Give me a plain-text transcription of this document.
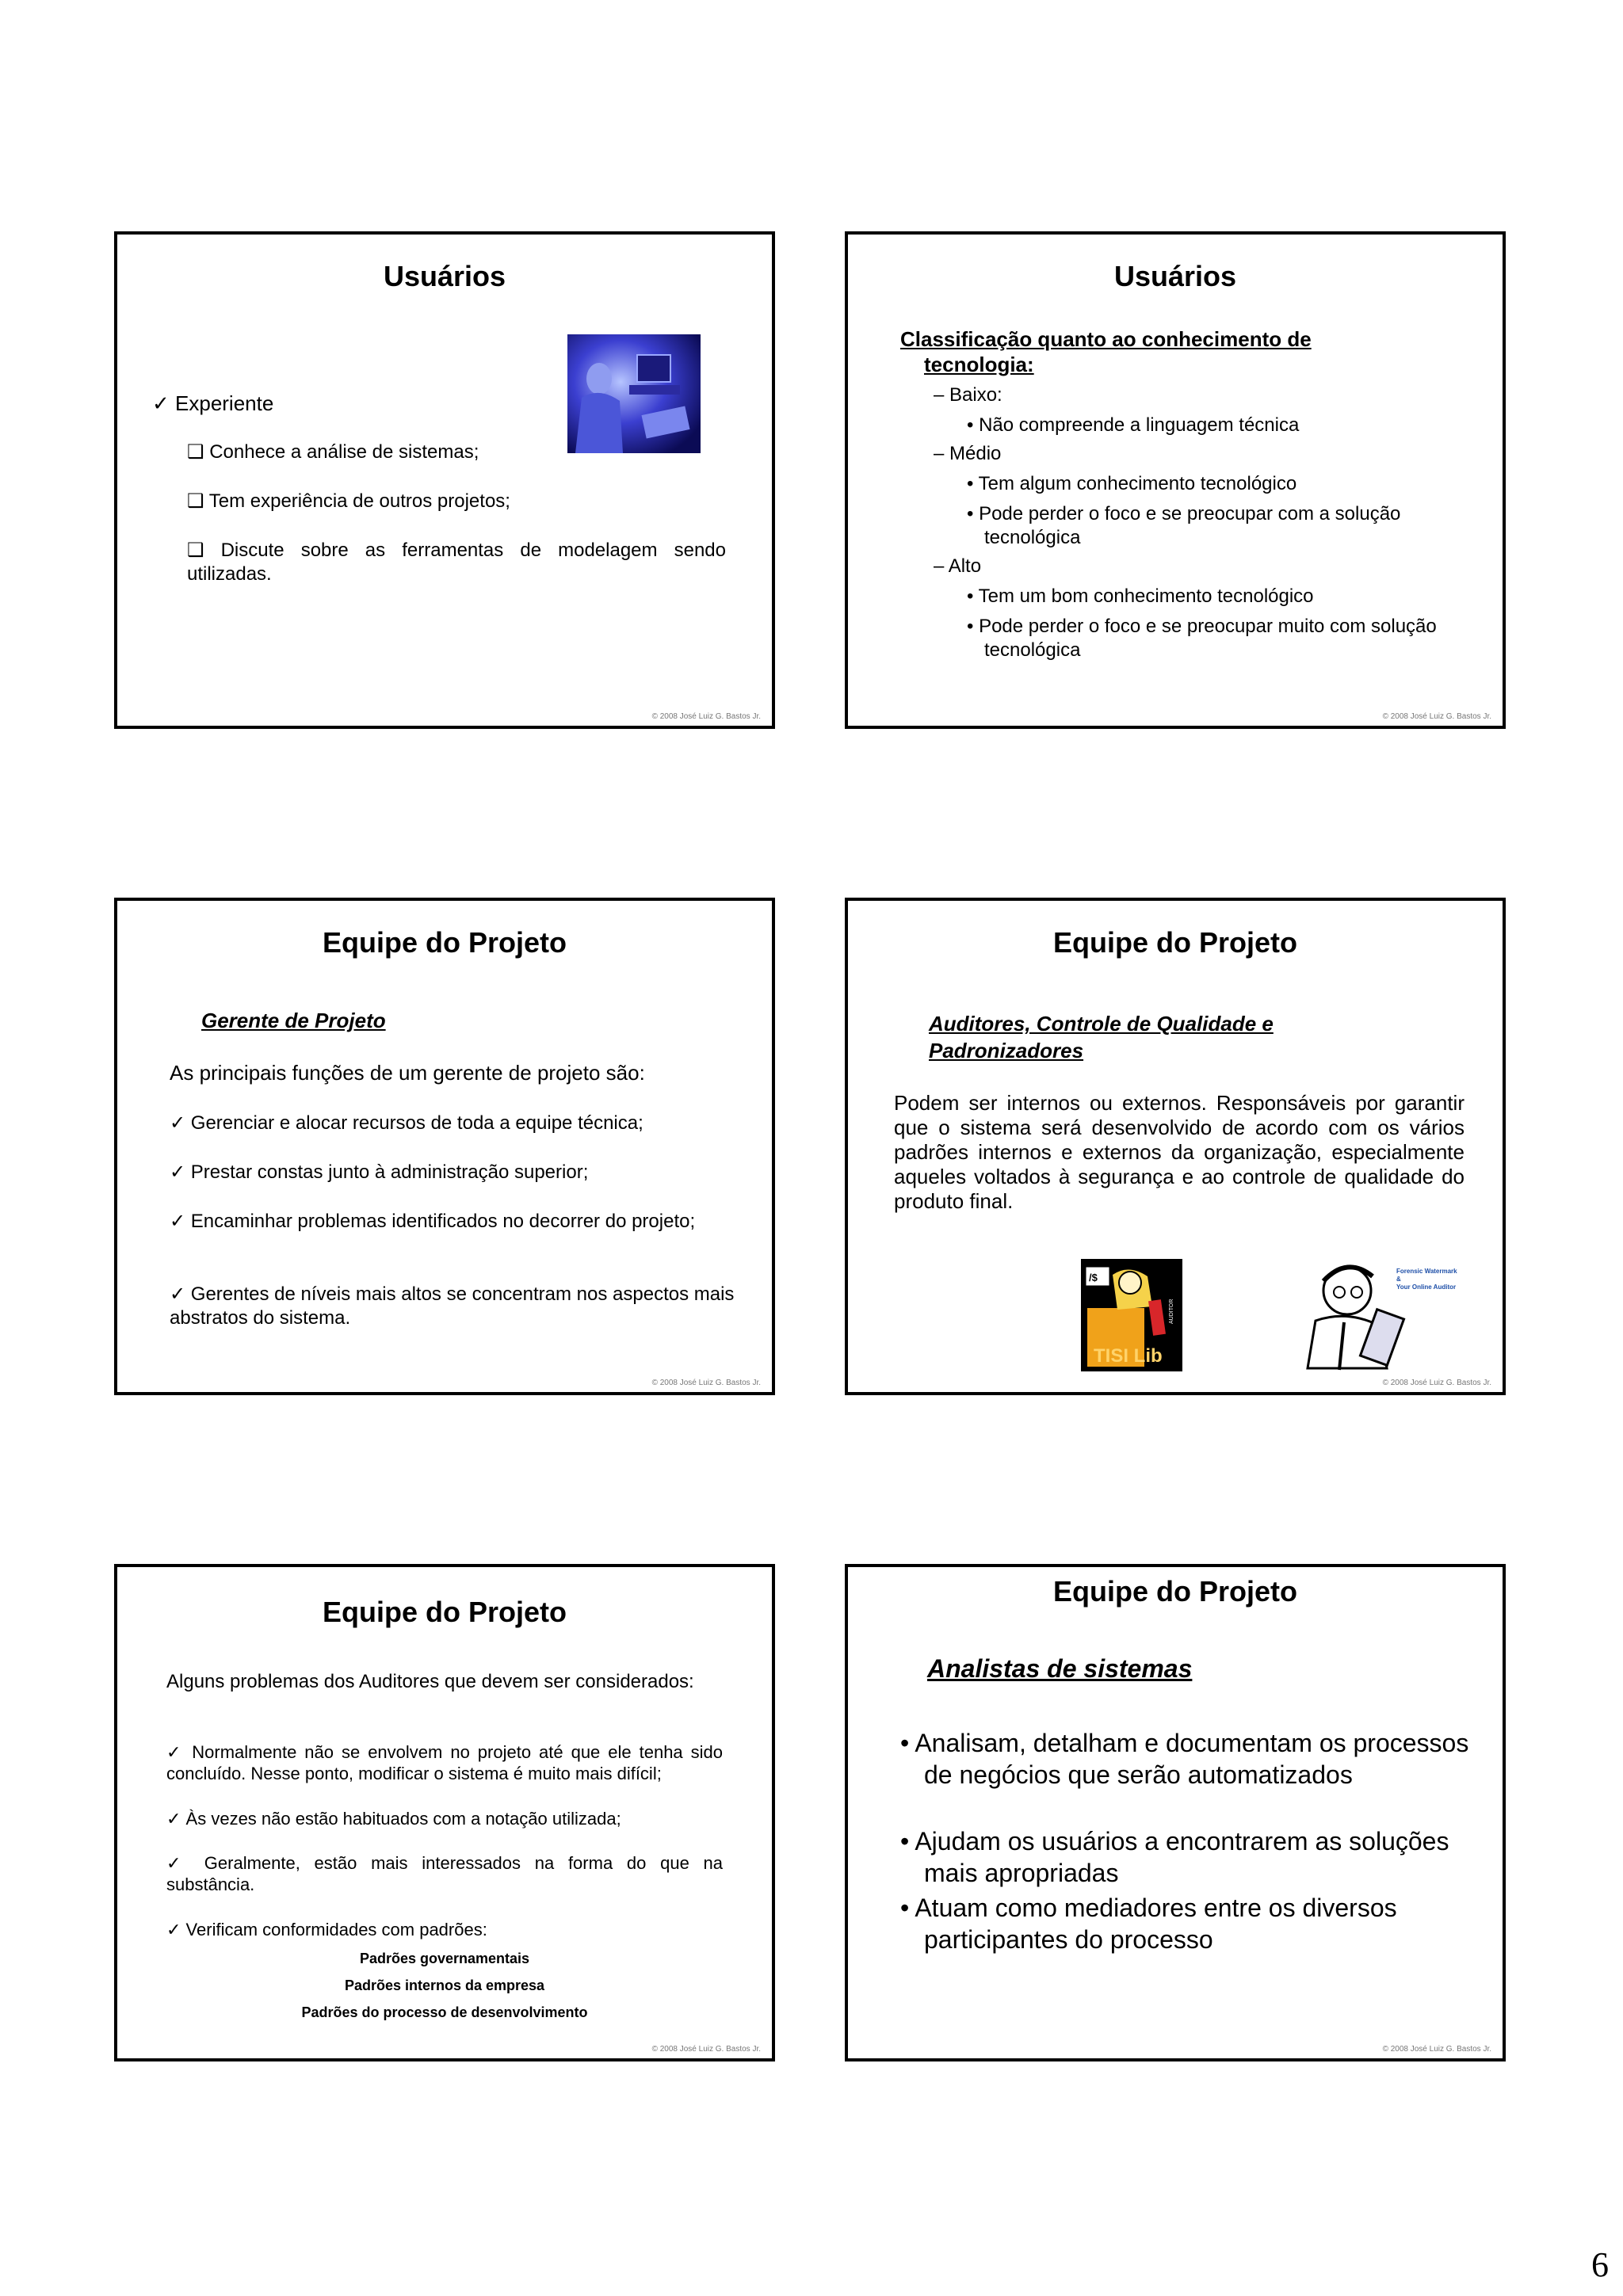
Usuários
✓ Experiente
❑ Conhece a análise de sistemas;
❑ Tem experiência de outros projetos;
❑ Discute sobre as ferramentas de modelagem sendo utilizadas.
© 2008 José Luiz G. Bastos Jr.
Usuários
Classificação quanto ao conhecimento de tecnologia:
– Baixo:
• Não compreende a linguagem técnica
– Médio
• Tem algum conhecimento tecnológico
• Pode perder o foco e se preocupar com a solução tecnológica
– Alto
• Tem um bom conhecimento tecnológico
• Pode perder o foco e se preocupar muito com solução tecnológica
© 2008 José Luiz G. Bastos Jr.
Equipe do Projeto
Gerente de Projeto
As principais funções de um gerente de projeto são:
✓ Gerenciar e alocar recursos de toda a equipe técnica;
✓ Prestar constas junto à administração superior;
✓ Encaminhar problemas identificados no decorrer do projeto;
✓ Gerentes de níveis mais altos se concentram nos aspectos mais abstratos do sistema.
© 2008 José Luiz G. Bastos Jr.
Equipe do Projeto
Auditores, Controle de Qualidade e Padronizadores
Podem ser internos ou externos. Responsáveis por garantir que o sistema será desenvolvido de acordo com os vários padrões internos e externos da organização, especialmente aqueles voltados à segurança e ao controle de qualidade do produto final.
/$
AUDITOR
TISI Lib
Forensic Watermark
&
Your Online Auditor
© 2008 José Luiz G. Bastos Jr.
Equipe do Projeto
Alguns problemas dos Auditores que devem ser considerados:
✓ Normalmente não se envolvem no projeto até que ele tenha sido concluído. Nesse ponto, modificar o sistema é muito mais difícil;
✓ Às vezes não estão habituados com a notação utilizada;
✓ Geralmente, estão mais interessados na forma do que na substância.
✓ Verificam conformidades com padrões:
Padrões governamentais
Padrões internos da empresa
Padrões do processo de desenvolvimento
© 2008 José Luiz G. Bastos Jr.
Equipe do Projeto
Analistas de sistemas
• Analisam, detalham e documentam os processos de negócios que serão automatizados
• Ajudam os usuários a encontrarem as soluções mais apropriadas
• Atuam como mediadores entre os diversos participantes do processo
© 2008 José Luiz G. Bastos Jr.
6
